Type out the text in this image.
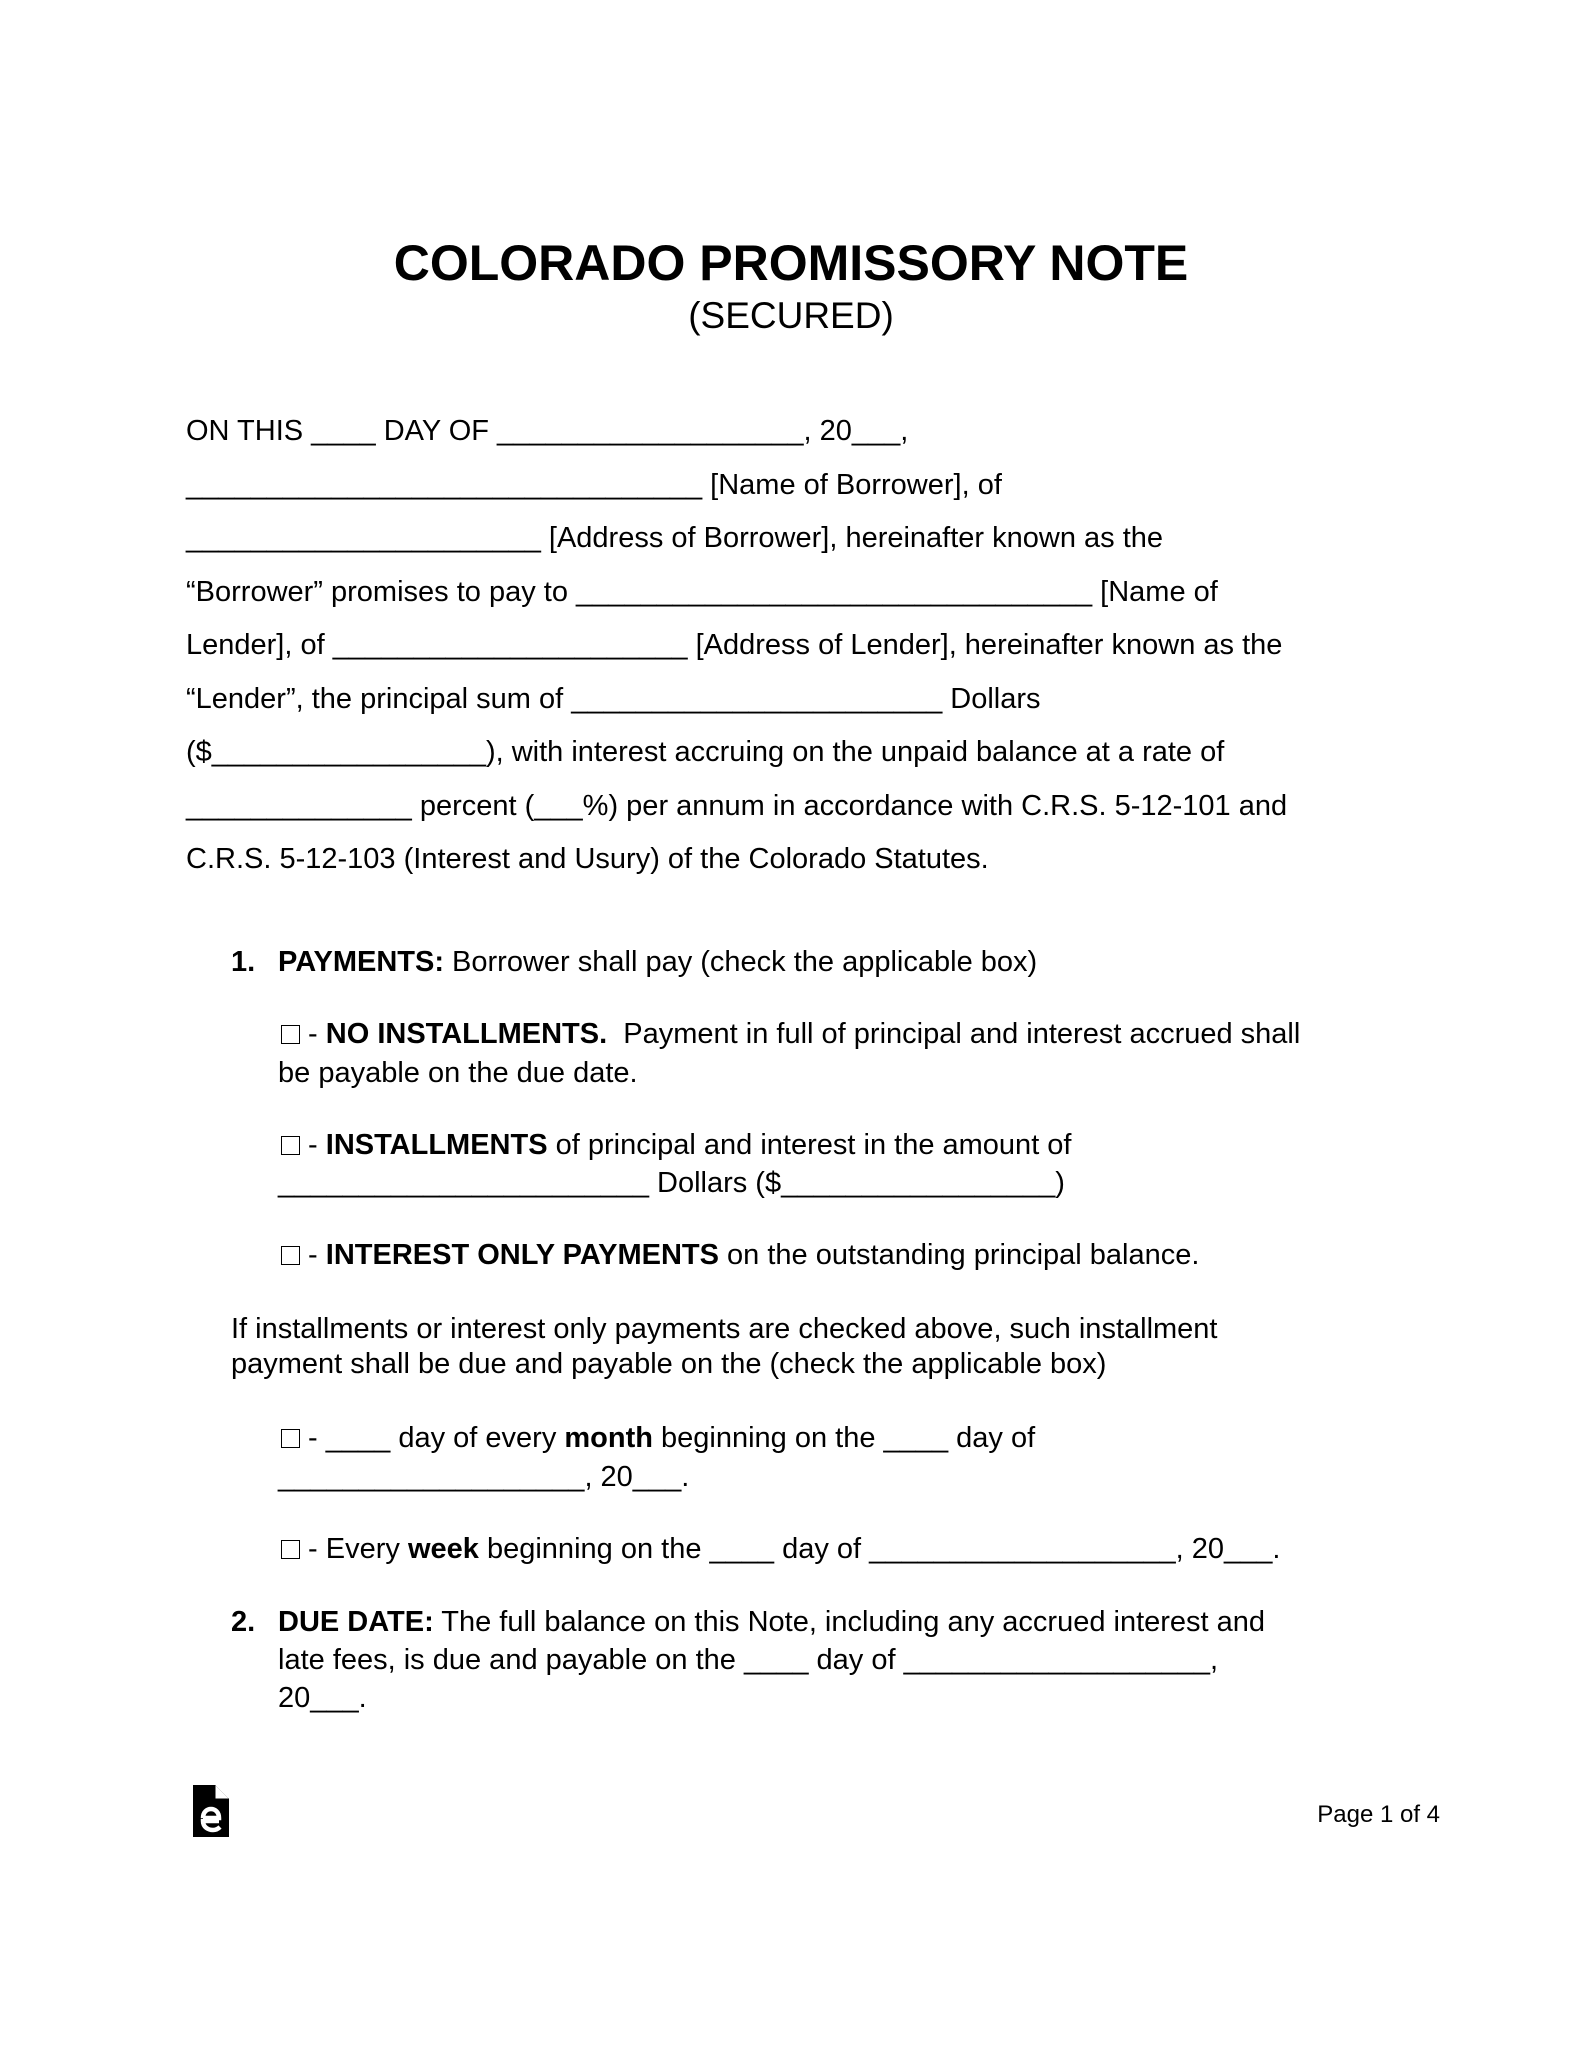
COLORADO PROMISSORY NOTE
(SECURED)
ON THIS ____ DAY OF ___________________, 20___,
________________________________ [Name of Borrower], of
______________________ [Address of Borrower], hereinafter known as the
“Borrower” promises to pay to ________________________________ [Name of
Lender], of ______________________ [Address of Lender], hereinafter known as the
“Lender”, the principal sum of _______________________ Dollars
($_________________), with interest accruing on the unpaid balance at a rate of
______________ percent (___%) per annum in accordance with C.R.S. 5-12-101 and
C.R.S. 5-12-103 (Interest and Usury) of the Colorado Statutes.
1. PAYMENTS: Borrower shall pay (check the applicable box)
- NO INSTALLMENTS.  Payment in full of principal and interest accrued shall
be payable on the due date.
- INSTALLMENTS of principal and interest in the amount of
_______________________ Dollars ($_________________)
- INTEREST ONLY PAYMENTS on the outstanding principal balance.
If installments or interest only payments are checked above, such installment
payment shall be due and payable on the (check the applicable box)
- ____ day of every month beginning on the ____ day of
___________________, 20___.
- Every week beginning on the ____ day of ___________________, 20___.
2. DUE DATE: The full balance on this Note, including any accrued interest and
late fees, is due and payable on the ____ day of ___________________,
20___.
Page 1 of 4
